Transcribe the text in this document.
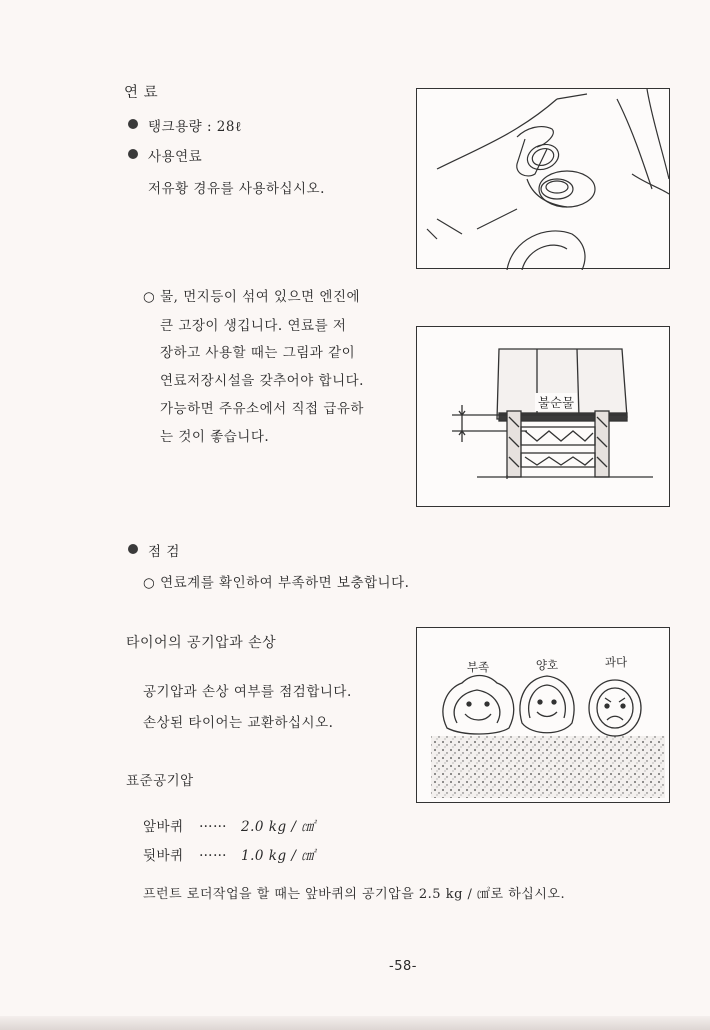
연 료
탱크용량 : 28ℓ
사용연료
저유황 경유를 사용하십시오.
○ 물, 먼지등이 섞여 있으면 엔진에
큰 고장이 생깁니다. 연료를 저
장하고 사용할 때는 그림과 같이
연료저장시설을 갖추어야 합니다.
가능하면 주유소에서 직접 급유하
는 것이 좋습니다.
불순물
점 검
○ 연료계를 확인하여 부족하면 보충합니다.
타이어의 공기압과 손상
공기압과 손상 여부를 점검합니다.
손상된 타이어는 교환하십시오.
부족	양호	과다
표준공기압
앞바퀴 …… 2.0 kg / ㎠
뒷바퀴 …… 1.0 kg / ㎠
프런트 로더작업을 할 때는 앞바퀴의 공기압을 2.5 kg / ㎠로 하십시오.
-58-
